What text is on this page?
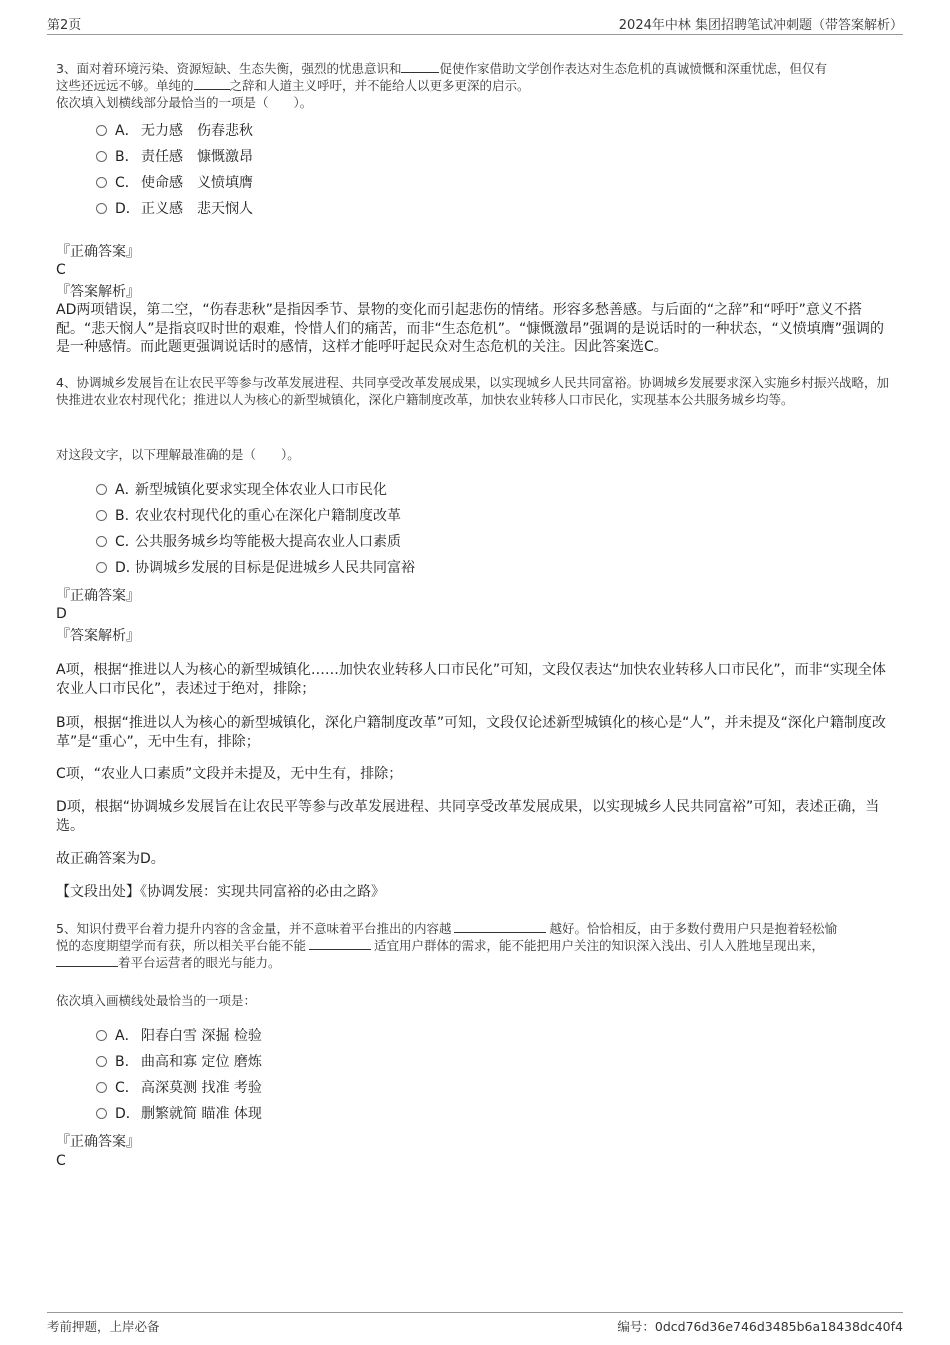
第2页	2024年中林 集团招聘笔试冲刺题（带答案解析）
3、面对着环境污染、资源短缺、生态失衡，强烈的忧患意识和	促使作家借助文学创作表达对生态危机的真诚愤慨和深重忧虑，但仅有
这些还远远不够。单纯的	之辞和人道主义呼吁，并不能给人以更多更深的启示。
依次填入划横线部分最恰当的一项是（　　）。
A． 无力感　伤春悲秋
B． 责任感　慷慨激昂
C． 使命感　义愤填膺
D．正义感　悲天悯人
『正确答案』
C
『答案解析』
AD两项错误，第二空，“伤春悲秋”是指因季节、景物的变化而引起悲伤的情绪。形容多愁善感。与后面的“之辞”和“呼吁”意义不搭配。“悲天悯人”是指哀叹时世的艰难，怜惜人们的痛苦，而非“生态危机”。“慷慨激昂”强调的是说话时的一种状态，“义愤填膺”强调的是一种感情。而此题更强调说话时的感情，这样才能呼吁起民众对生态危机的关注。因此答案选C。
4、协调城乡发展旨在让农民平等参与改革发展进程、共同享受改革发展成果，以实现城乡人民共同富裕。协调城乡发展要求深入实施乡村振兴战略，加快推进农业农村现代化；推进以人为核心的新型城镇化，深化户籍制度改革，加快农业转移人口市民化，实现基本公共服务城乡均等。
对这段文字，以下理解最准确的是（　　）。
A．新型城镇化要求实现全体农业人口市民化
B. 农业农村现代化的重心在深化户籍制度改革
C．公共服务城乡均等能极大提高农业人口素质
D．协调城乡发展的目标是促进城乡人民共同富裕
『正确答案』
D
『答案解析』
A项，根据“推进以人为核心的新型城镇化……加快农业转移人口市民化”可知，文段仅表达“加快农业转移人口市民化”，而非“实现全体农业人口市民化”，表述过于绝对，排除；
B项，根据“推进以人为核心的新型城镇化，深化户籍制度改革”可知，文段仅论述新型城镇化的核心是“人”，并未提及“深化户籍制度改革”是“重心”，无中生有，排除；
C项，“农业人口素质”文段并未提及，无中生有，排除；
D项，根据“协调城乡发展旨在让农民平等参与改革发展进程、共同享受改革发展成果，以实现城乡人民共同富裕”可知，表述正确，当选。
故正确答案为D。
【文段出处】《协调发展：实现共同富裕的必由之路》
5、知识付费平台着力提升内容的含金量，并不意味着平台推出的内容越	越好。恰恰相反，由于多数付费用户只是抱着轻松愉
悦的态度期望学而有获，所以相关平台能不能	适宜用户群体的需求，能不能把用户关注的知识深入浅出、引人入胜地呈现出来，
着平台运营者的眼光与能力。
依次填入画横线处最恰当的一项是：
A． 阳春白雪 深掘 检验
B. 曲高和寡 定位 磨炼
C． 高深莫测 找准 考验
D．删繁就简 瞄准 体现
『正确答案』
C
考前押题，上岸必备	编号：0dcd76d36e746d3485b6a18438dc40f4
